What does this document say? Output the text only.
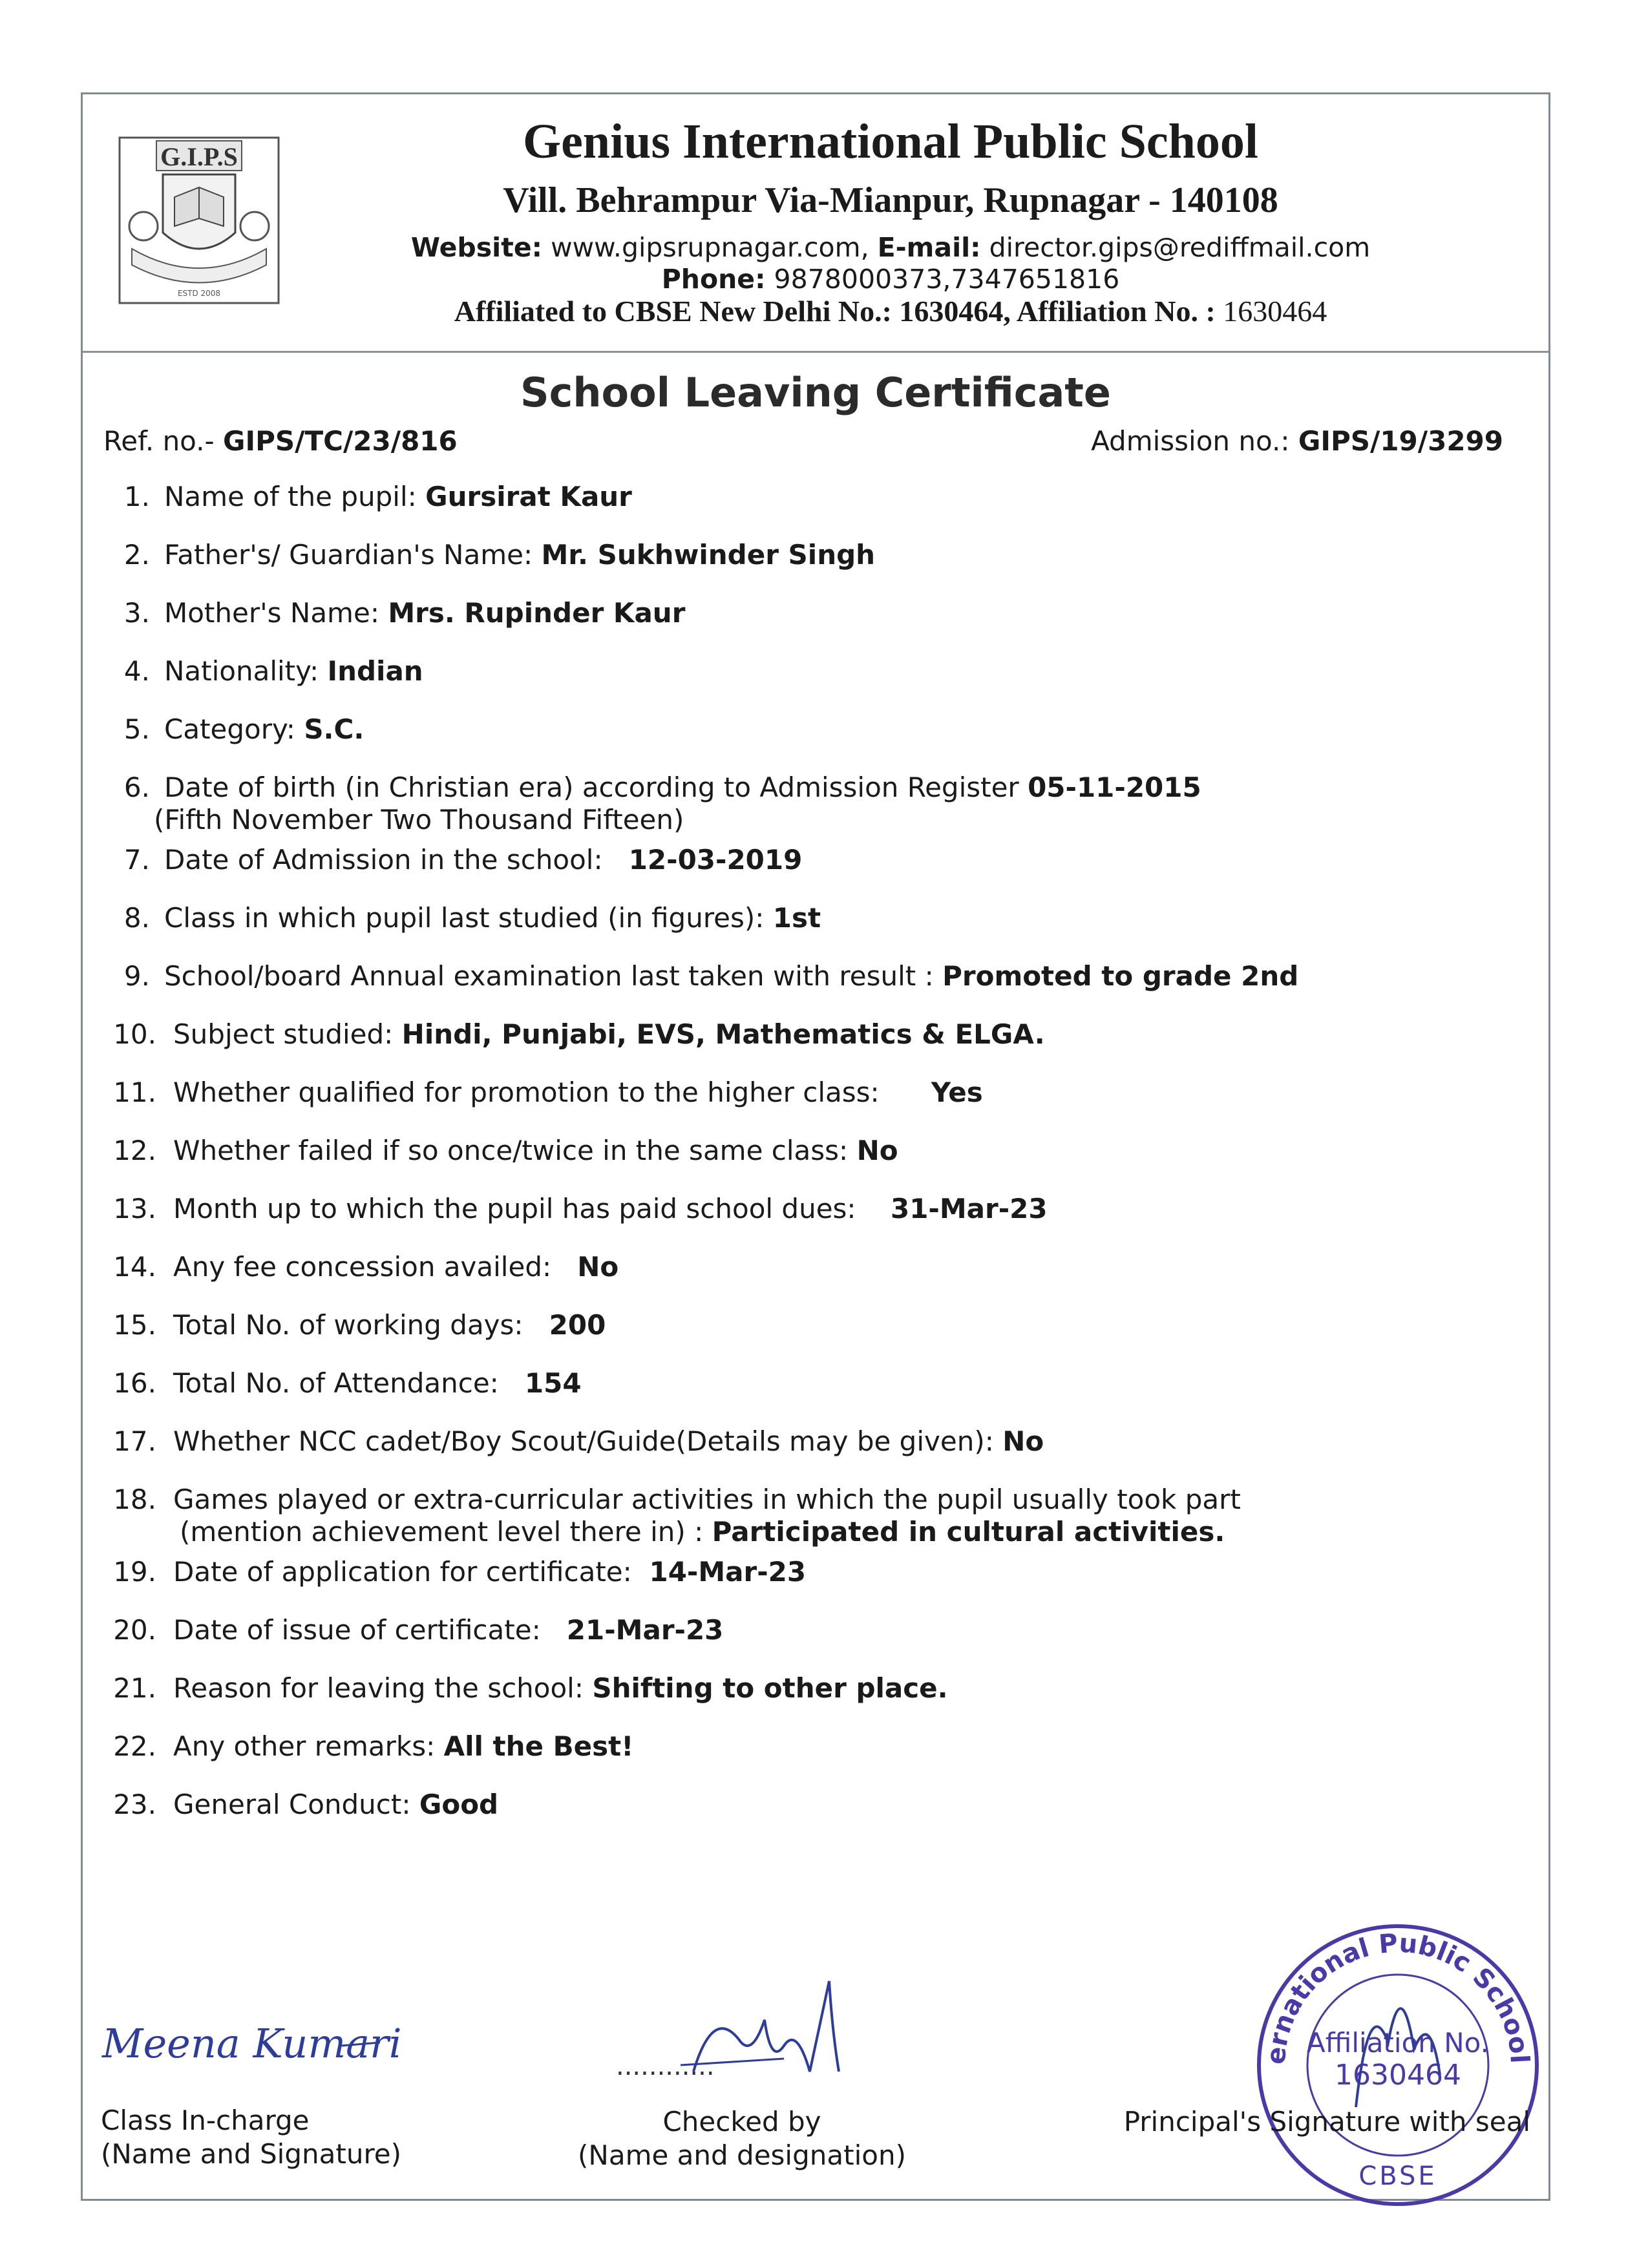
G.I.P.S
ESTD 2008
Genius International Public School
Vill. Behrampur Via-Mianpur, Rupnagar - 140108
Website: www.gipsrupnagar.com, E-mail: director.gips@rediffmail.com
Phone: 9878000373,7347651816
Affiliated to CBSE New Delhi No.: 1630464, Affiliation No. : 1630464
School Leaving Certificate
Ref. no.- GIPS/TC/23/816	Admission no.: GIPS/19/3299
1. Name of the pupil: Gursirat Kaur
2. Father's/ Guardian's Name: Mr. Sukhwinder Singh
3. Mother's Name: Mrs. Rupinder Kaur
4. Nationality: Indian
5. Category: S.C.
6. Date of birth (in Christian era) according to Admission Register 05-11-2015
(Fifth November Two Thousand Fifteen)
7. Date of Admission in the school: 12-03-2019
8. Class in which pupil last studied (in figures): 1st
9. School/board Annual examination last taken with result : Promoted to grade 2nd
10. Subject studied: Hindi, Punjabi, EVS, Mathematics & ELGA.
11. Whether qualified for promotion to the higher class: Yes
12. Whether failed if so once/twice in the same class: No
13. Month up to which the pupil has paid school dues: 31-Mar-23
14. Any fee concession availed: No
15. Total No. of working days: 200
16. Total No. of Attendance: 154
17. Whether NCC cadet/Boy Scout/Guide(Details may be given): No
18. Games played or extra-curricular activities in which the pupil usually took part
(mention achievement level there in) : Participated in cultural activities.
19. Date of application for certificate: 14-Mar-23
20. Date of issue of certificate: 21-Mar-23
21. Reason for leaving the school: Shifting to other place.
22. Any other remarks: All the Best!
23. General Conduct: Good
Meena Kumari
Class In-charge
(Name and Signature)
............
Checked by
(Name and designation)
ernational Public School
Affiliation No.
1630464
CBSE
Principal's Signature with seal
